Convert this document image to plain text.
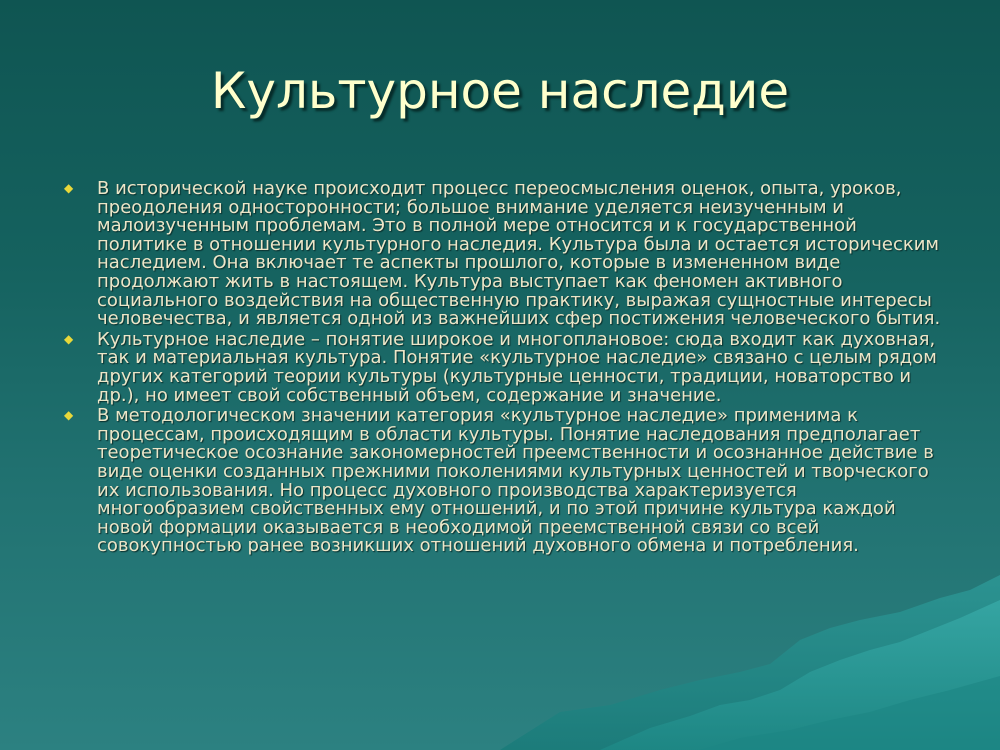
Культурное наследие
◆ В исторической науке происходит процесс переосмысления оценок, опыта, уроков, преодоления односторонности; большое внимание уделяется неизученным и малоизученным проблемам. Это в полной мере относится и к государственной политике в отношении культурного наследия. Культура была и остается историческим наследием. Она включает те аспекты прошлого, которые в измененном виде продолжают жить в настоящем. Культура выступает как феномен активного социального воздействия на общественную практику, выражая сущностные интересы человечества, и является одной из важнейших сфер постижения человеческого бытия.
◆ Культурное наследие – понятие широкое и многоплановое: сюда входит как духовная, так и материальная культура. Понятие «культурное наследие» связано с целым рядом других категорий теории культуры (культурные ценности, традиции, новаторство и др.), но имеет свой собственный объем, содержание и значение.
◆ В методологическом значении категория «культурное наследие» применима к процессам, происходящим в области культуры. Понятие наследования предполагает теоретическое осознание закономерностей преемственности и осознанное действие в виде оценки созданных прежними поколениями культурных ценностей и творческого их использования. Но процесс духовного производства характеризуется многообразием свойственных ему отношений, и по этой причине культура каждой новой формации оказывается в необходимой преемственной связи со всей совокупностью ранее возникших отношений духовного обмена и потребления.
